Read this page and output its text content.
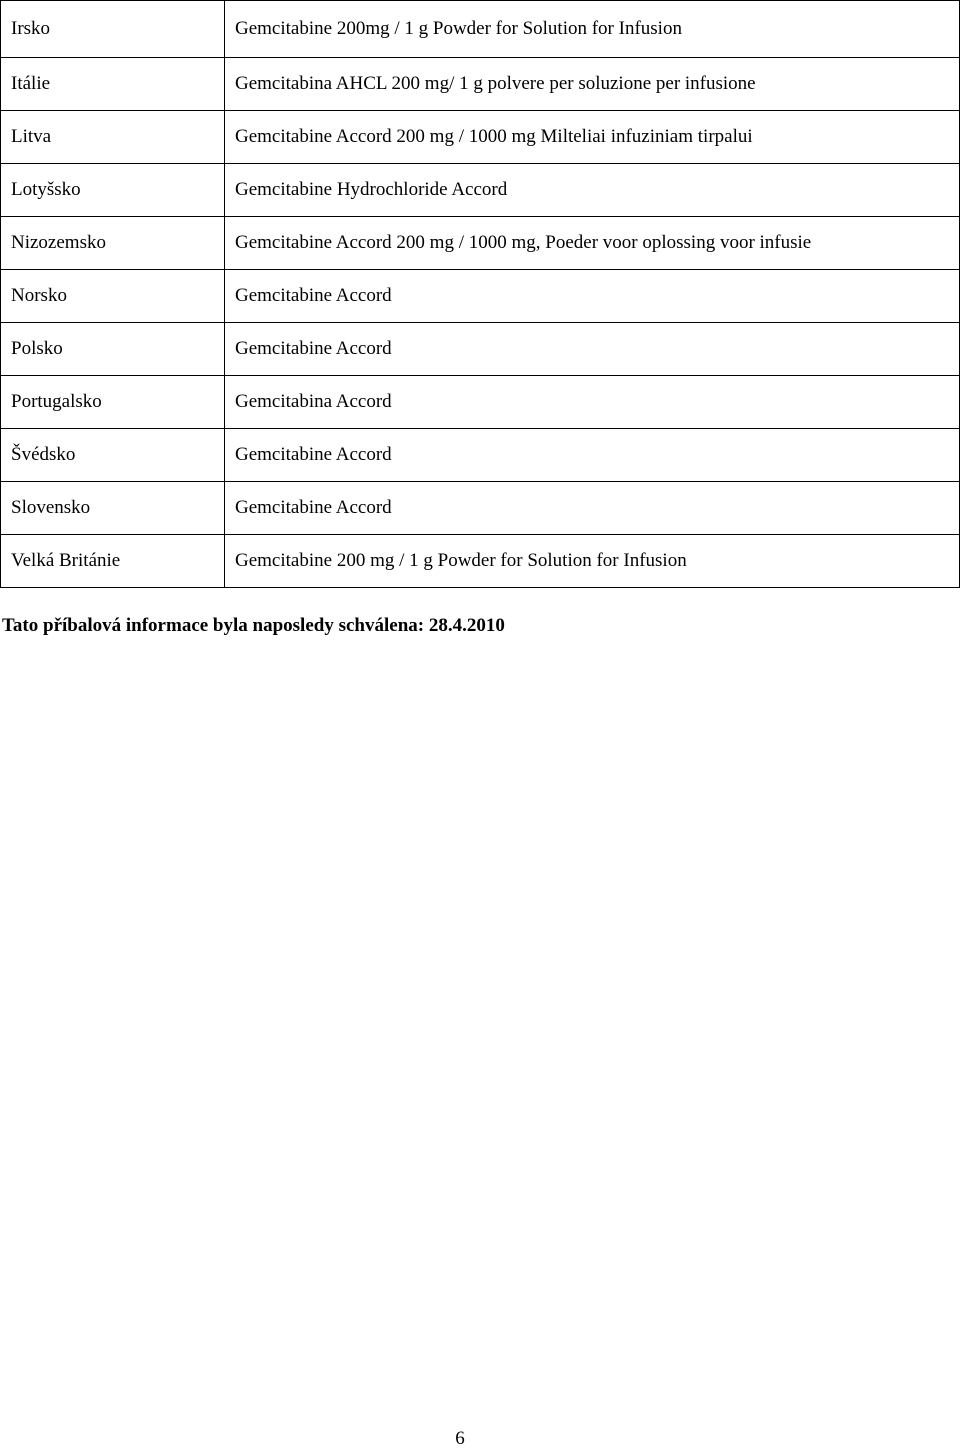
Irsko	Gemcitabine 200mg / 1 g Powder for Solution for Infusion
Itálie	Gemcitabina AHCL 200 mg/ 1 g polvere per soluzione per infusione
Litva	Gemcitabine Accord 200 mg / 1000 mg Milteliai infuziniam tirpalui
Lotyšsko	Gemcitabine Hydrochloride Accord
Nizozemsko	Gemcitabine Accord 200 mg / 1000 mg, Poeder voor oplossing voor infusie
Norsko	Gemcitabine Accord
Polsko	Gemcitabine Accord
Portugalsko	Gemcitabina Accord
Švédsko	Gemcitabine Accord
Slovensko	Gemcitabine Accord
Velká Británie	Gemcitabine 200 mg / 1 g Powder for Solution for Infusion
Tato příbalová informace byla naposledy schválena: 28.4.2010
6
